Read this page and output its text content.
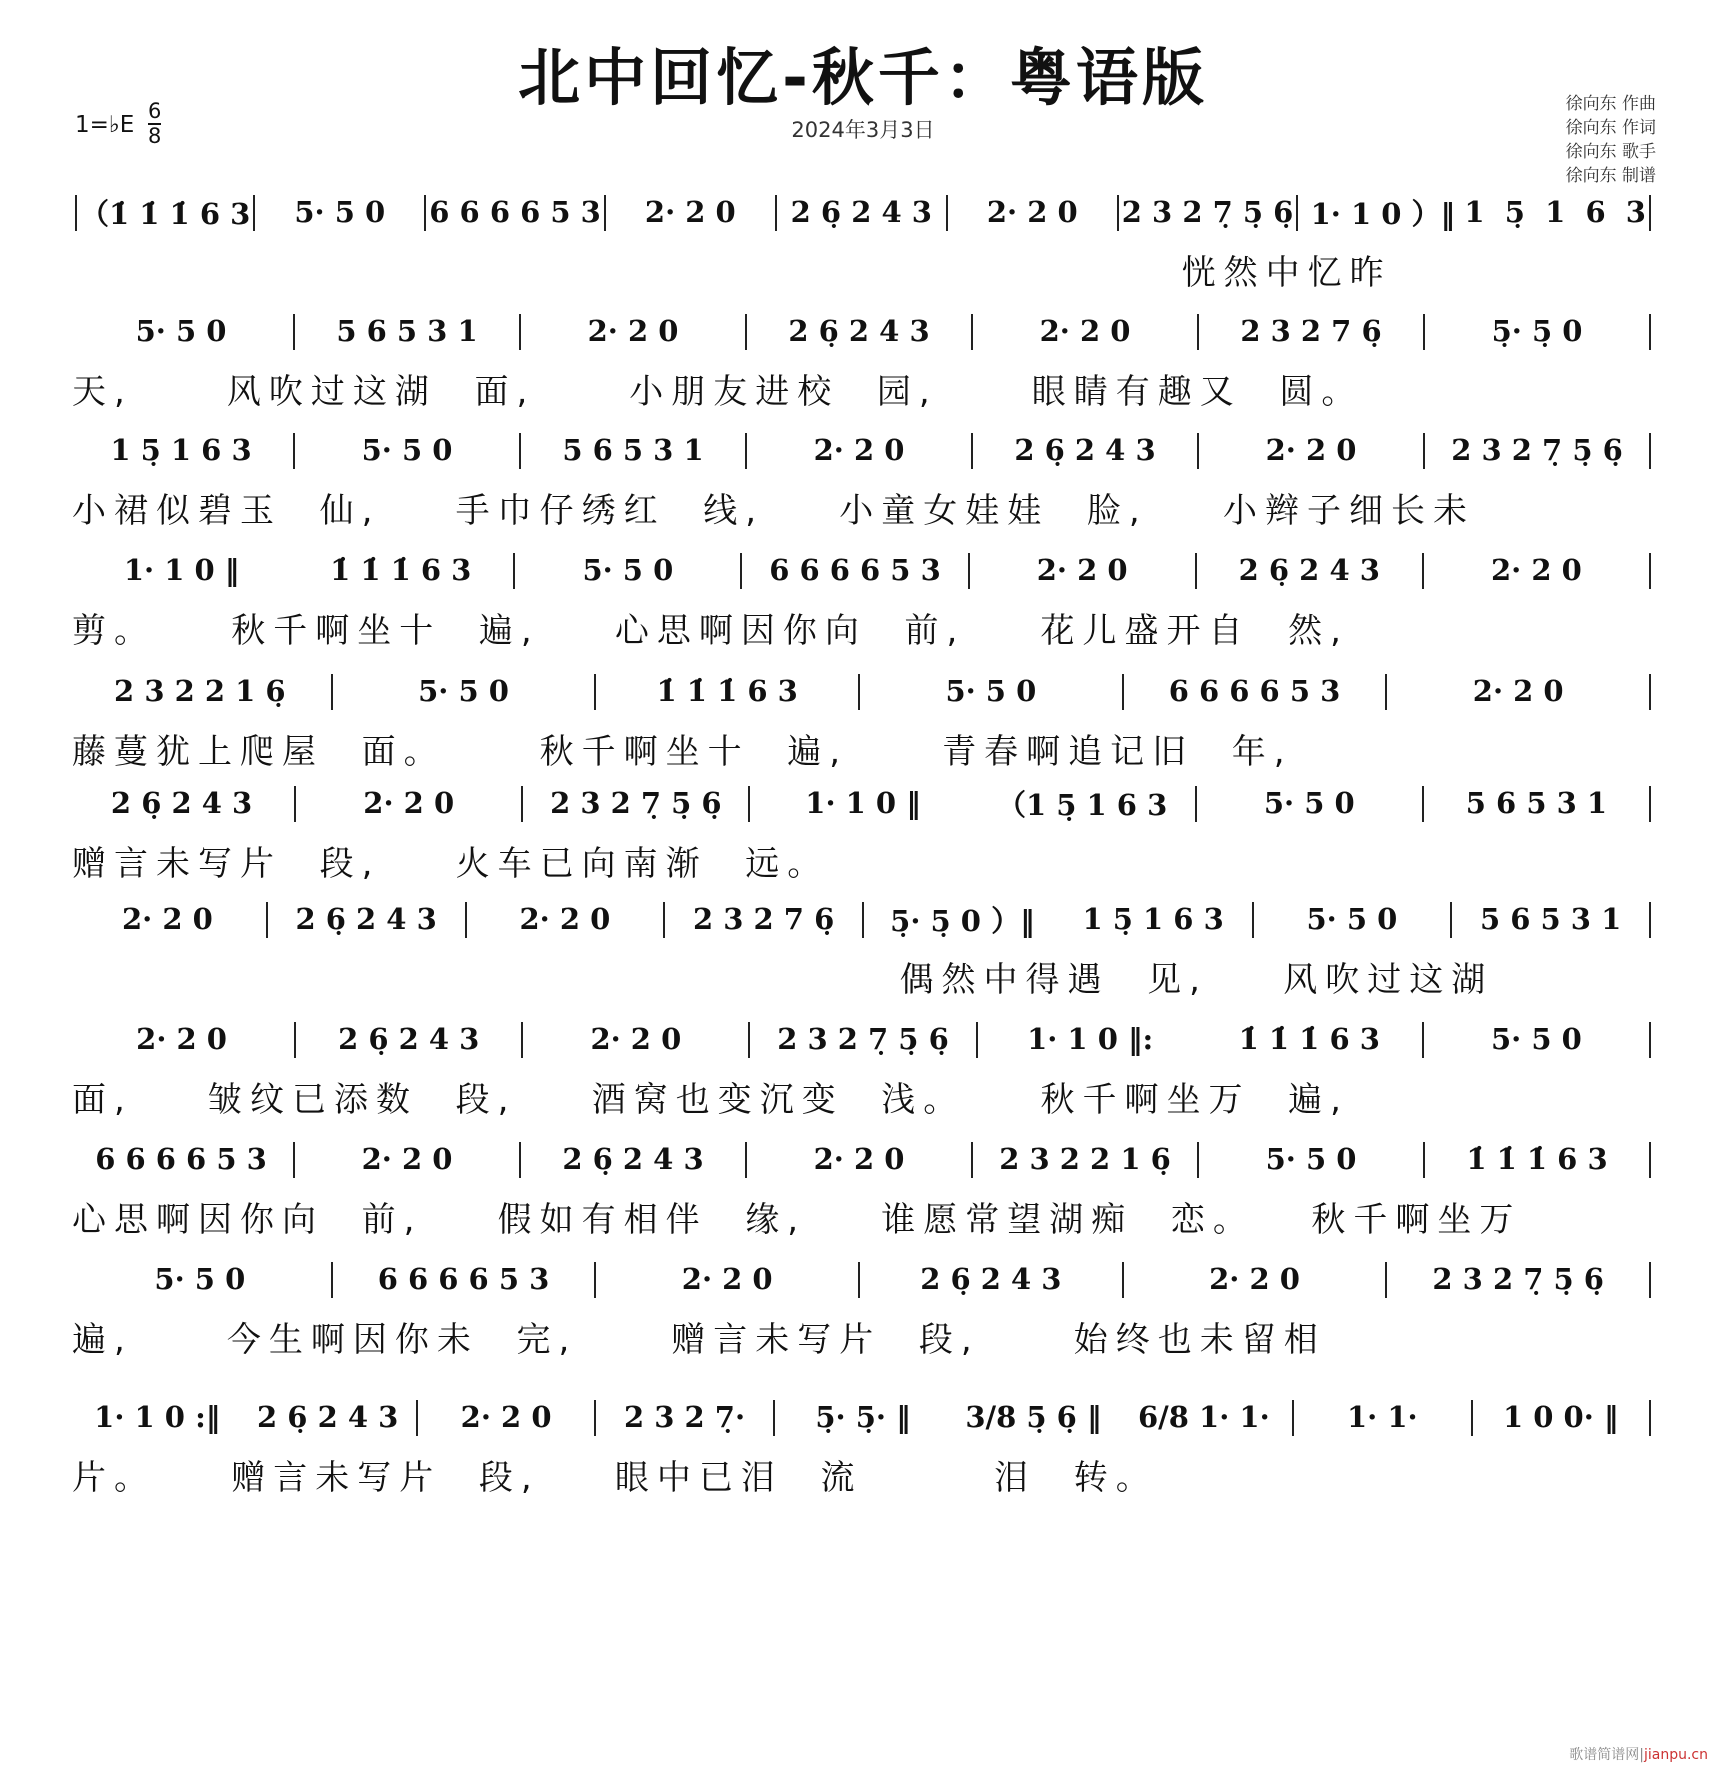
北中回忆-秋千：粤语版
2024年3月3日
1=♭E
6
8
徐向东 作曲
徐向东 作词
徐向东 歌手
徐向东 制谱
（1̇ 1̇ 1̇ 6 3	5· 5 0	6 6 6 6 5 3	2· 2 0	2 6̣ 2 4 3	2· 2 0	2 3 2 7̣ 5̣ 6̣ 1· 1 0 ）‖ 1  5̣  1  6  3
恍然中忆昨
5· 5 0	5 6 5 3 1	2· 2 0	2 6̣ 2 4 3	2· 2 0	2 3 2 7 6̣	5̣· 5̣ 0
天,     风吹过这湖  面,     小朋友进校  园,     眼睛有趣又  圆。
1 5̣ 1 6 3	5· 5 0	5 6 5 3 1	2· 2 0	2 6̣ 2 4 3	2· 2 0	2 3 2 7̣ 5̣ 6̣
小裙似碧玉  仙,    手巾仔绣红  线,    小童女娃娃  脸,    小辫子细长未
1· 1 0 ‖	1̇ 1̇ 1̇ 6 3	5· 5 0	6 6 6 6 5 3	2· 2 0	2 6̣ 2 4 3	2· 2 0
剪。    秋千啊坐十  遍,    心思啊因你向  前,    花儿盛开自  然,
2 3 2 2 1 6̣	5· 5 0	1̇ 1̇ 1̇ 6 3	5· 5 0	6 6 6 6 5 3	2· 2 0
藤蔓犹上爬屋  面。     秋千啊坐十  遍,     青春啊追记旧  年,
2 6̣ 2 4 3	2· 2 0	2 3 2 7̣ 5̣ 6̣	1· 1 0 ‖	（1 5̣ 1 6 3	5· 5 0	5 6 5 3 1
赠言未写片  段,    火车已向南渐  远。
2· 2 0	2 6̣ 2 4 3	2· 2 0	2 3 2 7 6̣	5̣· 5̣ 0 ）‖	1 5̣ 1 6 3	5· 5 0	5 6 5 3 1
偶然中得遇  见,    风吹过这湖
2· 2 0	2 6̣ 2 4 3	2· 2 0	2 3 2 7̣ 5̣ 6̣	1· 1 0 ‖:	1̇ 1̇ 1̇ 6 3	5· 5 0
面,    皱纹已添数  段,    酒窝也变沉变  浅。    秋千啊坐万  遍,
6 6 6 6 5 3	2· 2 0	2 6̣ 2 4 3	2· 2 0	2 3 2 2 1 6̣	5· 5 0	1̇ 1̇ 1̇ 6 3
心思啊因你向  前,    假如有相伴  缘,    谁愿常望湖痴  恋。   秋千啊坐万
5· 5 0	6 6 6 6 5 3	2· 2 0	2 6̣ 2 4 3	2· 2 0	2 3 2 7̣ 5̣ 6̣
遍,     今生啊因你未  完,     赠言未写片  段,     始终也未留相
1· 1 0 :‖	2 6̣ 2 4 3	2· 2 0	2 3 2 7̣·	5̣· 5̣· ‖	3/8 5̣ 6̣ ‖	6/8 1· 1·	1· 1·	1 0 0· ‖
片。    赠言未写片  段,    眼中已泪  流       泪  转。
歌谱简谱网|jianpu.cn
